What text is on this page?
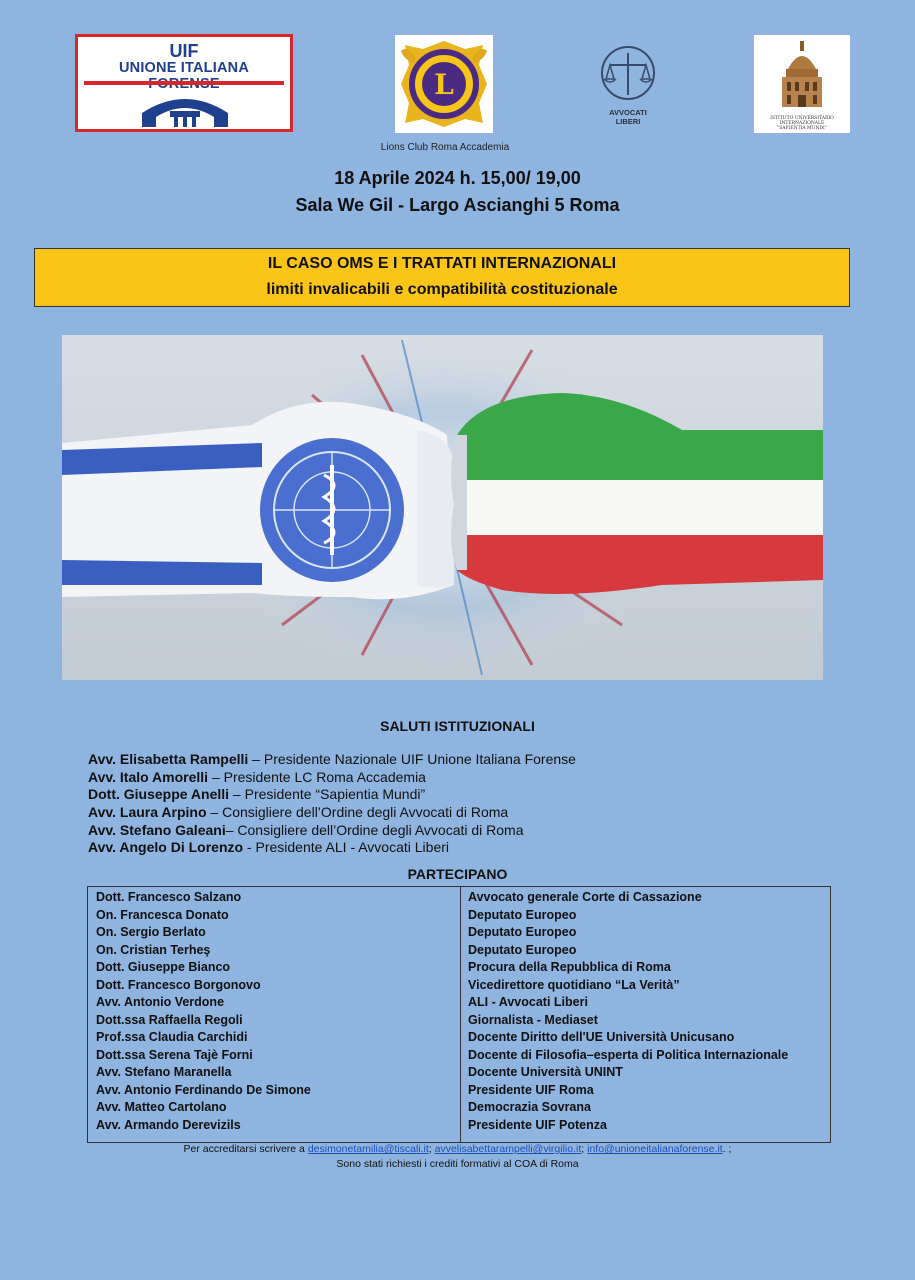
UIF
UNIONE ITALIANA	L
AVVOCATI
LIBERI	ISTITUTO UNIVERSITARIO INTERNAZIONALE
"SAPIENTIA MUNDI"
Lions Club Roma Accademia
18 Aprile 2024 h. 15,00/ 19,00
Sala We Gil - Largo Ascianghi 5 Roma
IL CASO OMS E I TRATTATI INTERNAZIONALI
limiti invalicabili e compatibilità costituzionale
SALUTI ISTITUZIONALI
Avv. Elisabetta Rampelli – Presidente Nazionale UIF Unione Italiana Forense
Avv. Italo Amorelli – Presidente LC Roma Accademia
Dott. Giuseppe Anelli – Presidente “Sapientia Mundi”
Avv. Laura Arpino – Consigliere dell’Ordine degli Avvocati di Roma
Avv. Stefano Galeani– Consigliere dell’Ordine degli Avvocati di Roma
Avv. Angelo Di Lorenzo - Presidente ALI - Avvocati Liberi
PARTECIPANO
Dott. Francesco Salzano	Avvocato generale Corte di Cassazione
On. Francesca Donato	Deputato Europeo
On. Sergio Berlato	Deputato Europeo
On. Cristian Terheş	Deputato Europeo
Dott. Giuseppe Bianco	Procura della Repubblica di Roma
Dott. Francesco Borgonovo	Vicedirettore quotidiano “La Verità”
Avv. Antonio Verdone	ALI - Avvocati Liberi
Dott.ssa Raffaella Regoli	Giornalista - Mediaset
Prof.ssa Claudia Carchidi	Docente Diritto dell'UE Università Unicusano
Dott.ssa Serena Tajè Forni	Docente di Filosofia–esperta di Politica Internazionale
Avv. Stefano Maranella	Docente Università UNINT
Avv. Antonio Ferdinando De Simone	Presidente UIF Roma
Avv. Matteo Cartolano	Democrazia Sovrana
Avv. Armando Derevizils	Presidente UIF Potenza
Per accreditarsi scrivere a desimonetamilia@tiscali.it; avvelisabettarampelli@virgilio.it; info@unioneitalianaforense.it. ;
Sono stati richiesti i crediti formativi al COA di Roma
